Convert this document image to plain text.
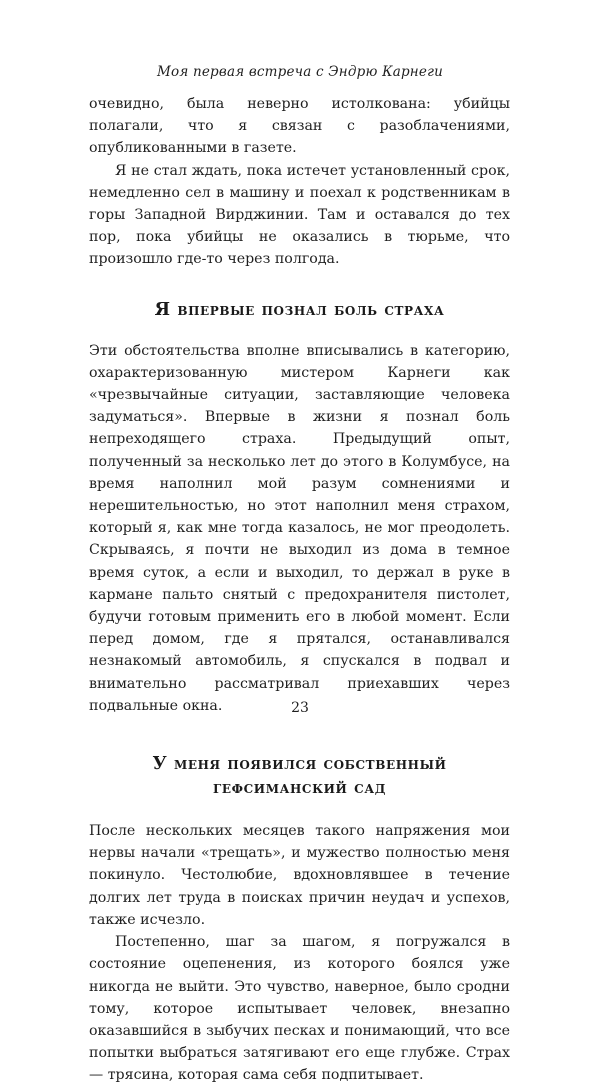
Моя первая встреча с Эндрю Карнеги

очевидно, была неверно истолкована: убийцы полагали, что я связан с разоблачениями, опубликованными в газете.

Я не стал ждать, пока истечет установленный срок, немедленно сел в машину и поехал к родственникам в горы Западной Вирджинии. Там и оставался до тех пор, пока убийцы не оказались в тюрьме, что произошло где-то через полгода.

Я впервые познал боль страха

Эти обстоятельства вполне вписывались в категорию, охарактеризованную мистером Карнеги как «чрезвычайные ситуации, заставляющие человека задуматься». Впервые в жизни я познал боль непреходящего страха. Предыдущий опыт, полученный за несколько лет до этого в Колумбусе, на время наполнил мой разум сомнениями и нерешительностью, но этот наполнил меня страхом, который я, как мне тогда казалось, не мог преодолеть. Скрываясь, я почти не выходил из дома в темное время суток, а если и выходил, то держал в руке в кармане пальто снятый с предохранителя пистолет, будучи готовым применить его в любой момент. Если перед домом, где я прятался, останавливался незнакомый автомобиль, я спускался в подвал и внимательно рассматривал приехавших через подвальные окна.

У меня появился собственный
гефсиманский сад

После нескольких месяцев такого напряжения мои нервы начали «трещать», и мужество полностью меня покинуло. Честолюбие, вдохновлявшее в течение долгих лет труда в поисках причин неудач и успехов, также исчезло.

Постепенно, шаг за шагом, я погружался в состояние оцепенения, из которого боялся уже никогда не выйти. Это чувство, наверное, было сродни тому, которое испытывает человек, внезапно оказавшийся в зыбучих песках и понимающий, что все попытки выбраться затягивают его еще глубже. Страх — трясина, которая сама себя подпитывает.

23
